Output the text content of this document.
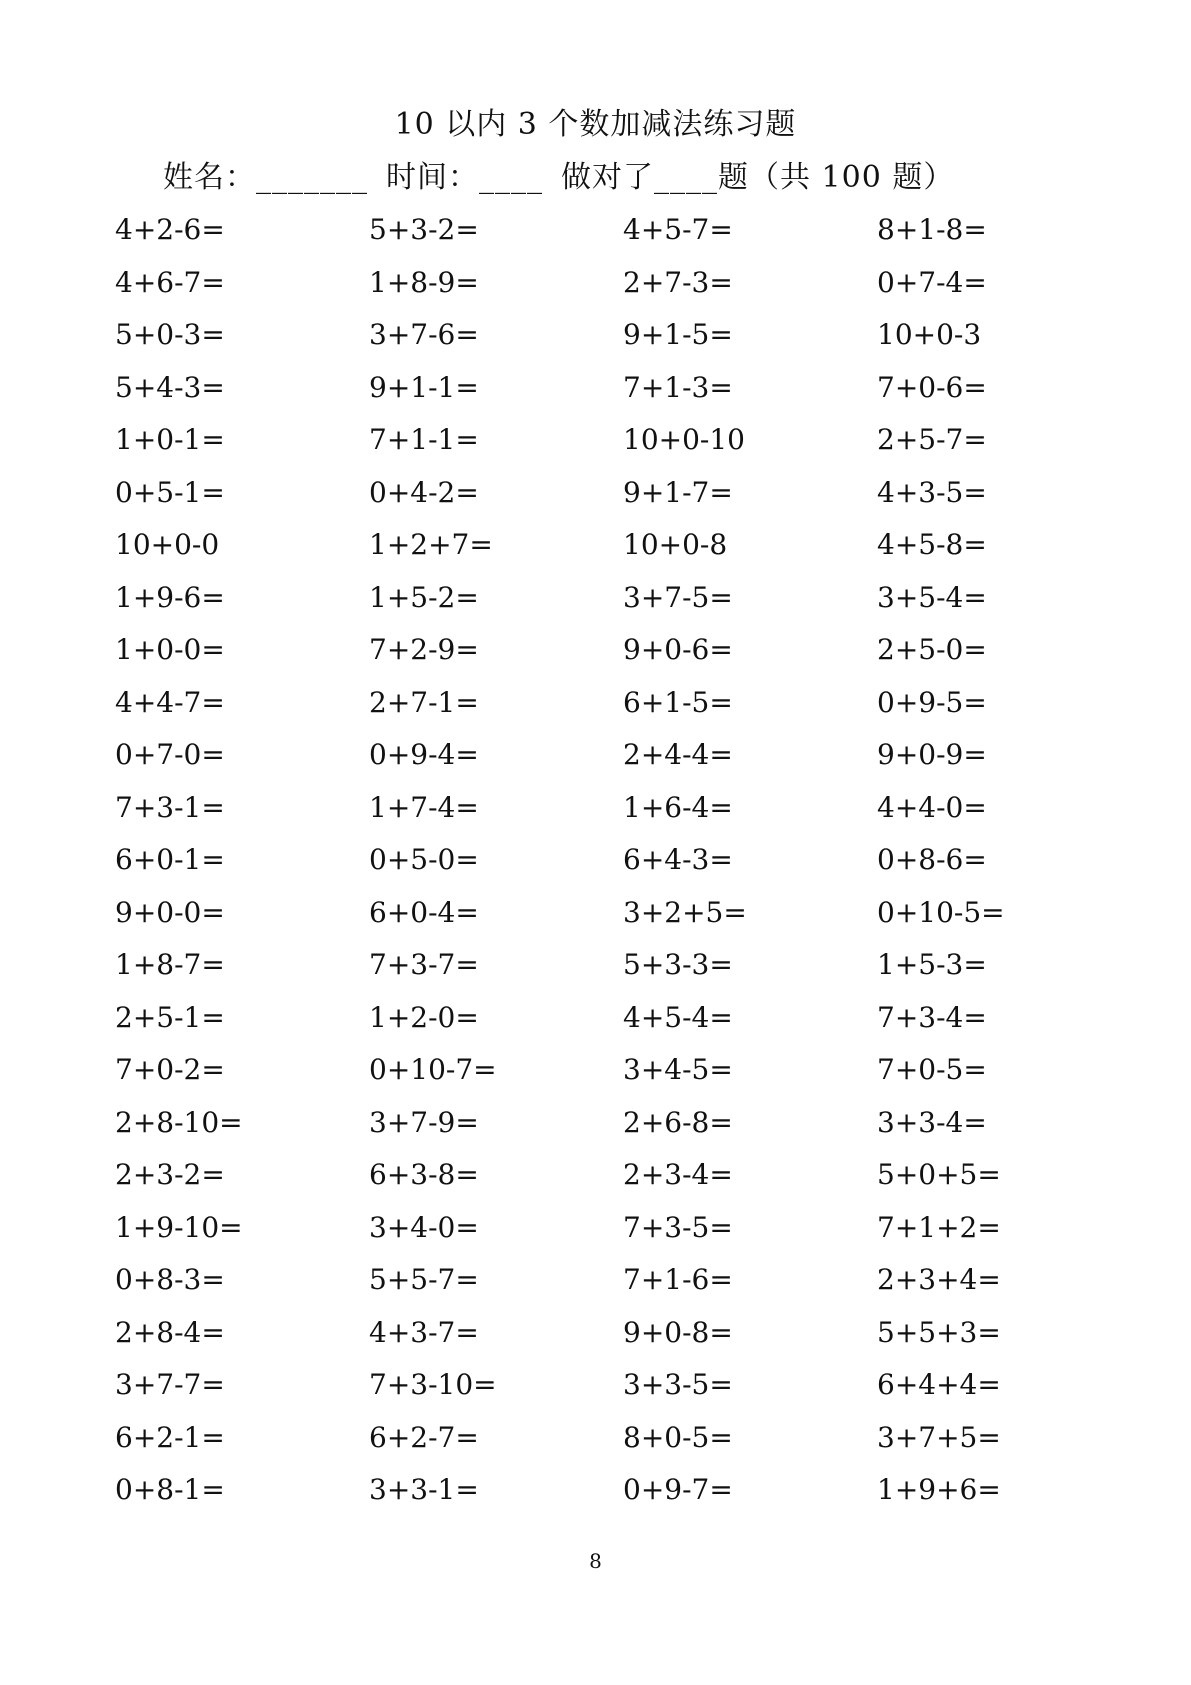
10 以内 3 个数加减法练习题
姓名：_______ 时间：____ 做对了____题（共 100 题）
4+2-6=	5+3-2=	4+5-7=	8+1-8=
4+6-7=	1+8-9=	2+7-3=	0+7-4=
5+0-3=	3+7-6=	9+1-5=	10+0-3
5+4-3=	9+1-1=	7+1-3=	7+0-6=
1+0-1=	7+1-1=	10+0-10	2+5-7=
0+5-1=	0+4-2=	9+1-7=	4+3-5=
10+0-0	1+2+7=	10+0-8	4+5-8=
1+9-6=	1+5-2=	3+7-5=	3+5-4=
1+0-0=	7+2-9=	9+0-6=	2+5-0=
4+4-7=	2+7-1=	6+1-5=	0+9-5=
0+7-0=	0+9-4=	2+4-4=	9+0-9=
7+3-1=	1+7-4=	1+6-4=	4+4-0=
6+0-1=	0+5-0=	6+4-3=	0+8-6=
9+0-0=	6+0-4=	3+2+5=	0+10-5=
1+8-7=	7+3-7=	5+3-3=	1+5-3=
2+5-1=	1+2-0=	4+5-4=	7+3-4=
7+0-2=	0+10-7=	3+4-5=	7+0-5=
2+8-10=	3+7-9=	2+6-8=	3+3-4=
2+3-2=	6+3-8=	2+3-4=	5+0+5=
1+9-10=	3+4-0=	7+3-5=	7+1+2=
0+8-3=	5+5-7=	7+1-6=	2+3+4=
2+8-4=	4+3-7=	9+0-8=	5+5+3=
3+7-7=	7+3-10=	3+3-5=	6+4+4=
6+2-1=	6+2-7=	8+0-5=	3+7+5=
0+8-1=	3+3-1=	0+9-7=	1+9+6=
8
